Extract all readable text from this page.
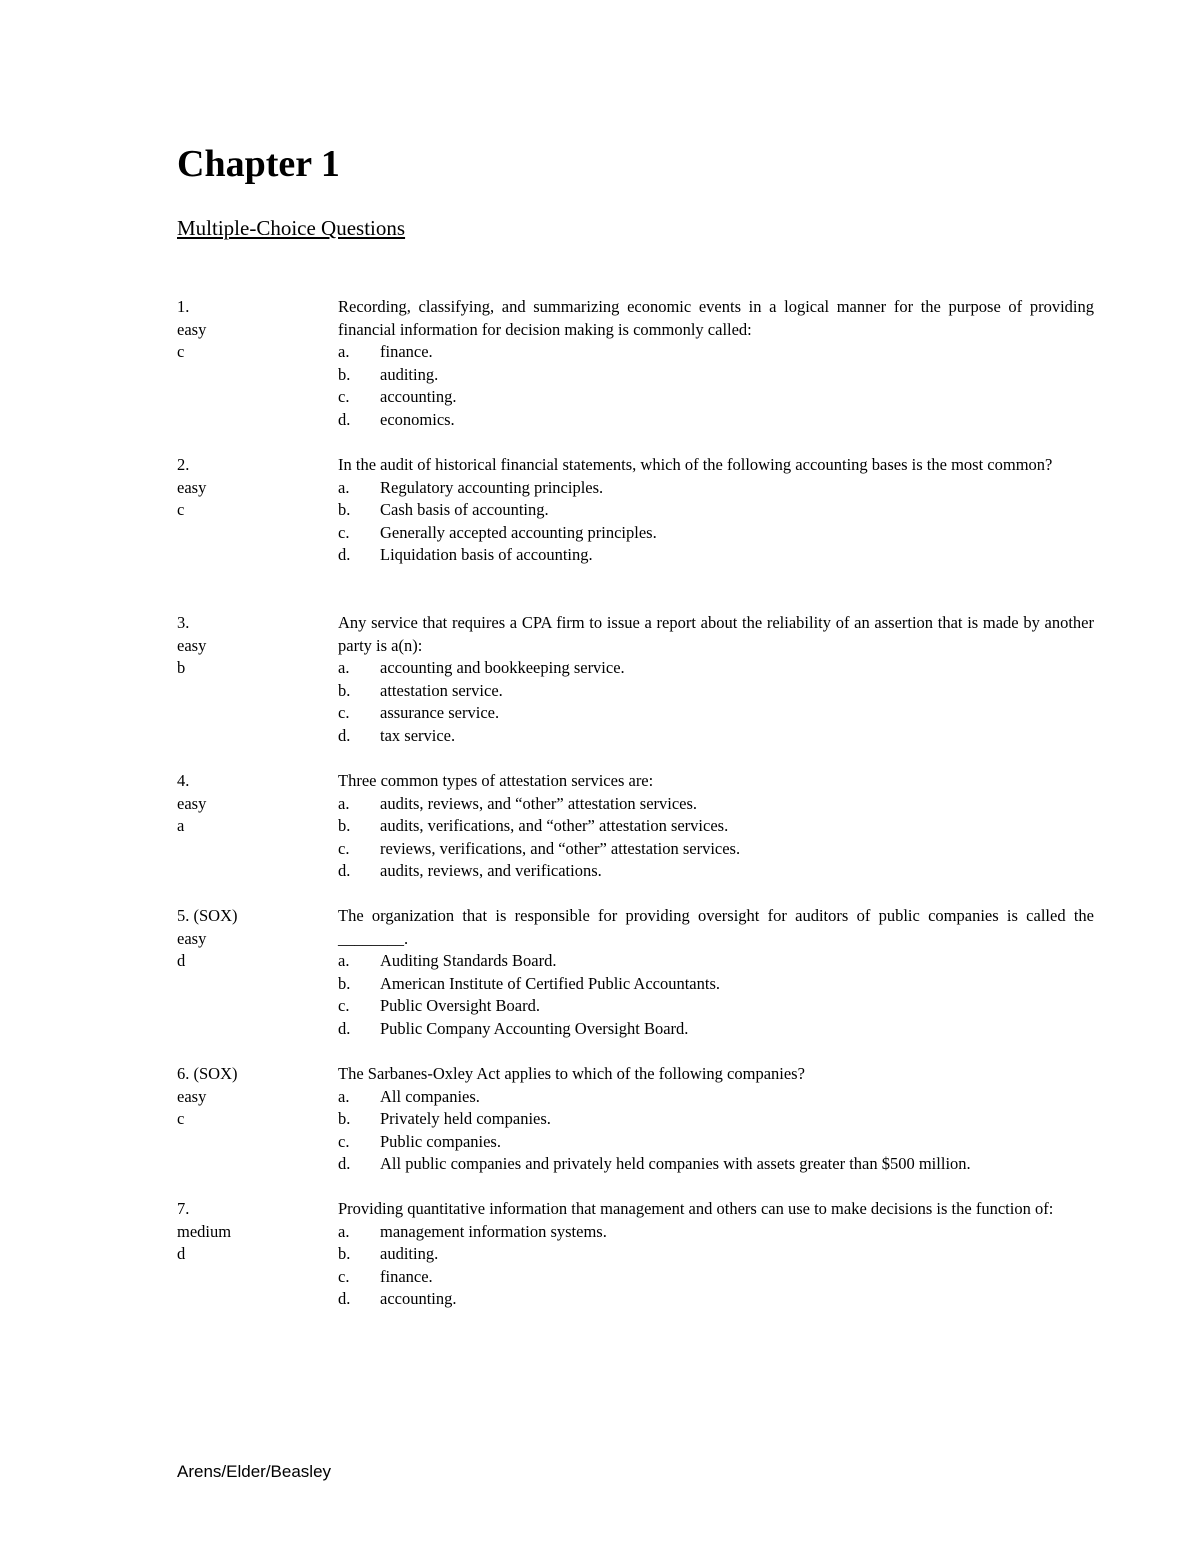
Chapter 1
Multiple-Choice Questions
1.
easy
c
Recording, classifying, and summarizing economic events in a logical manner for the purpose of providing financial information for decision making is commonly called:
a. finance.
b. auditing.
c. accounting.
d. economics.
2.
easy
c
In the audit of historical financial statements, which of the following accounting bases is the most common?
a. Regulatory accounting principles.
b. Cash basis of accounting.
c. Generally accepted accounting principles.
d. Liquidation basis of accounting.
3.
easy
b
Any service that requires a CPA firm to issue a report about the reliability of an assertion that is made by another party is a(n):
a. accounting and bookkeeping service.
b. attestation service.
c. assurance service.
d. tax service.
4.
easy
a
Three common types of attestation services are:
a. audits, reviews, and “other” attestation services.
b. audits, verifications, and “other” attestation services.
c. reviews, verifications, and “other” attestation services.
d. audits, reviews, and verifications.
5. (SOX)
easy
d
The organization that is responsible for providing oversight for auditors of public companies is called the ________.
a. Auditing Standards Board.
b. American Institute of Certified Public Accountants.
c. Public Oversight Board.
d. Public Company Accounting Oversight Board.
6. (SOX)
easy
c
The Sarbanes-Oxley Act applies to which of the following companies?
a. All companies.
b. Privately held companies.
c. Public companies.
d. All public companies and privately held companies with assets greater than $500 million.
7.
medium
d
Providing quantitative information that management and others can use to make decisions is the function of:
a. management information systems.
b. auditing.
c. finance.
d. accounting.
Arens/Elder/Beasley
